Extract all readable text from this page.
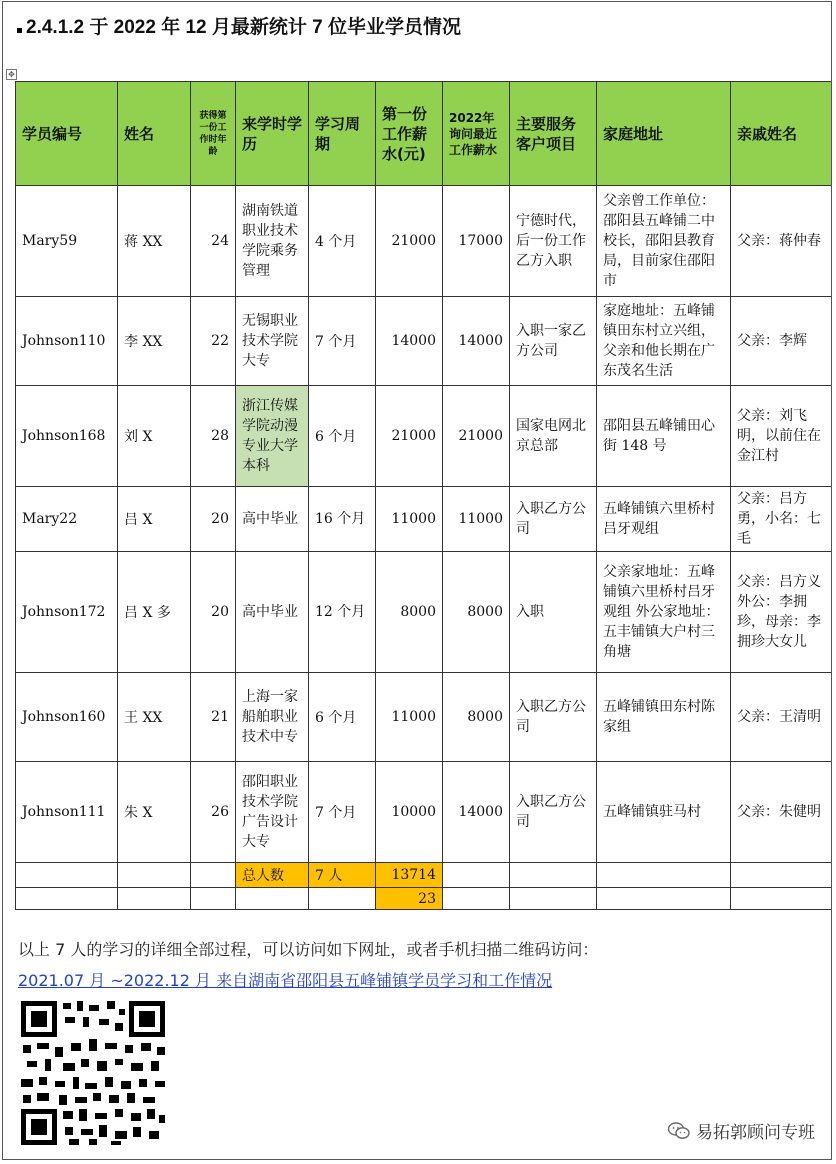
2.4.1.2 于 2022 年 12 月最新统计 7 位毕业学员情况
✥
学员编号	姓名	获得第一份工作时年龄	来学时学历	学习周期	第一份工作薪水(元)	2022年询问最近工作薪水	主要服务客户项目	家庭地址	亲戚姓名
Mary59	蒋 XX	24	湖南铁道职业技术学院乘务管理	4 个月	21000	17000	宁德时代，后一份工作乙方入职	父亲曾工作单位：邵阳县五峰铺二中校长，邵阳县教育局，目前家住邵阳市	父亲：蒋仲春
Johnson110	李 XX	22	无锡职业技术学院大专	7 个月	14000	14000	入职一家乙方公司	家庭地址：五峰铺镇田东村立兴组，父亲和他长期在广东茂名生活	父亲：李辉
Johnson168	刘 X	28	浙江传媒学院动漫专业大学本科	6 个月	21000	21000	国家电网北京总部	邵阳县五峰铺田心街 148 号	父亲：刘飞明，以前住在金江村
Mary22	吕 X	20	高中毕业	16 个月	11000	11000	入职乙方公司	五峰铺镇六里桥村吕牙观组	父亲：吕方勇，小名：七毛
Johnson172	吕 X 多	20	高中毕业	12 个月	8000	8000	入职	父亲家地址：五峰铺镇六里桥村吕牙观组 外公家地址：五丰铺镇大户村三角塘	父亲：吕方义 外公：李拥珍，母亲：李拥珍大女儿
Johnson160	王 XX	21	上海一家船舶职业技术中专	6 个月	11000	8000	入职乙方公司	五峰铺镇田东村陈家组	父亲：王清明
Johnson111	朱 X	26	邵阳职业技术学院广告设计大专	7 个月	10000	14000	入职乙方公司	五峰铺镇驻马村	父亲：朱健明
			总人数	7 人	13714				
					23				
以上 7 人的学习的详细全部过程，可以访问如下网址，或者手机扫描二维码访问：
2021.07 月 ~2022.12 月 来自湖南省邵阳县五峰铺镇学员学习和工作情况
易拓郭顾问专班
